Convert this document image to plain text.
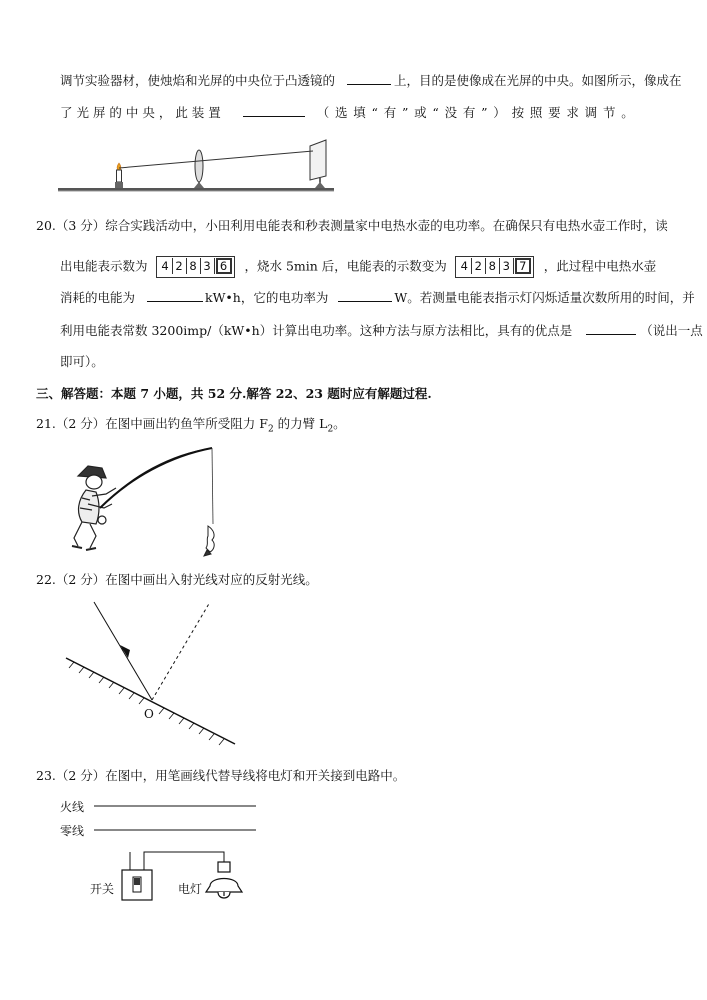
调节实验器材，使烛焰和光屏的中央位于凸透镜的	上，目的是使像成在光屏的中央。如图所示，像成在
了 光 屏 的 中 央 ， 此 装 置	（ 选 填 “ 有 ” 或 “ 没 有 ” ） 按 照 要 求 调 节 。
20.（3 分）综合实践活动中，小田利用电能表和秒表测量家中电热水壶的电功率。在确保只有电热水壶工作时，读
出电能表示数为 4 2 8 3 6 ，烧水 5min 后，电能表的示数变为 4 2 8 3 7 ，此过程中电热水壶
消耗的电能为	kW•h，它的电功率为	W。若测量电能表指示灯闪烁适量次数所用的时间，并
利用电能表常数 3200imp/（kW•h）计算出电功率。这种方法与原方法相比，具有的优点是	（说出一点
即可）。
三、解答题：本题 7 小题，共 52 分.解答 22、23 题时应有解题过程.
21.（2 分）在图中画出钓鱼竿所受阻力 $F_2$ 的力臂 $L_2$。
22.（2 分）在图中画出入射光线对应的反射光线。
O
23.（2 分）在图中，用笔画线代替导线将电灯和开关接到电路中。
火线
零线
开关	电灯
